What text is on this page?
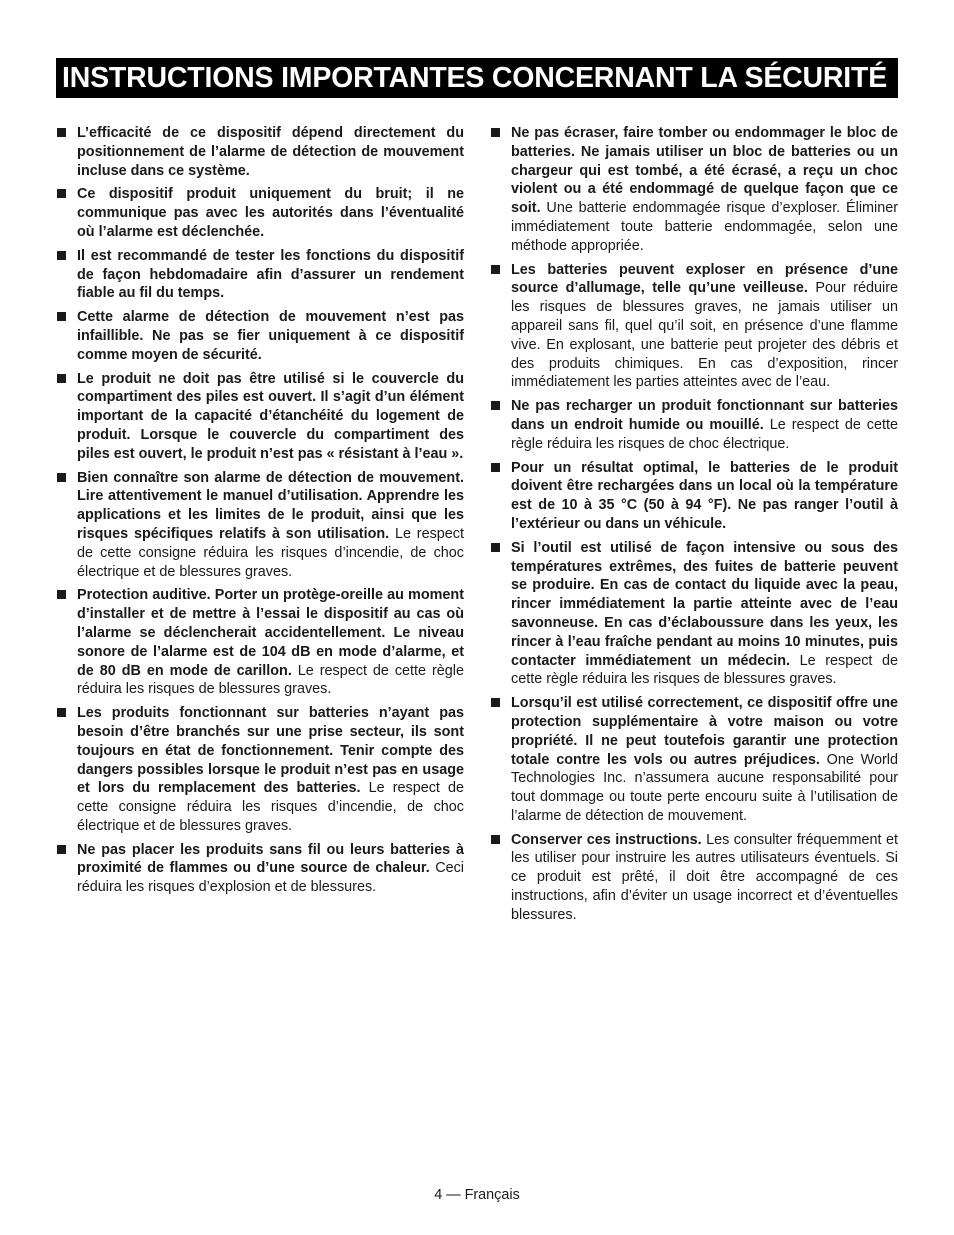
INSTRUCTIONS IMPORTANTES CONCERNANT LA SÉCURITÉ
L’efficacité de ce dispositif dépend directement du positionnement de l’alarme de détection de mouvement incluse dans ce système.
Ce dispositif produit uniquement du bruit; il ne communique pas avec les autorités dans l’éventualité où l’alarme est déclenchée.
Il est recommandé de tester les fonctions du dispositif de façon hebdomadaire afin d’assurer un rendement fiable au fil du temps.
Cette alarme de détection de mouvement n’est pas infaillible. Ne pas se fier uniquement à ce dispositif comme moyen de sécurité.
Le produit ne doit pas être utilisé si le couvercle du compartiment des piles est ouvert. Il s’agit d’un élément important de la capacité d’étanchéité du logement de produit. Lorsque le couvercle du compartiment des piles est ouvert, le produit n’est pas « résistant à l’eau ».
Bien connaître son alarme de détection de mouvement. Lire attentivement le manuel d’utilisation. Apprendre les applications et les limites de le produit, ainsi que les risques spécifiques relatifs à son utilisation. Le respect de cette consigne réduira les risques d’incendie, de choc électrique et de blessures graves.
Protection auditive. Porter un protège-oreille au moment d’installer et de mettre à l’essai le dispositif au cas où l’alarme se déclencherait accidentellement. Le niveau sonore de l’alarme est de 104 dB en mode d’alarme, et de 80 dB en mode de carillon. Le respect de cette règle réduira les risques de blessures graves.
Les produits fonctionnant sur batteries n’ayant pas besoin d’être branchés sur une prise secteur, ils sont toujours en état de fonctionnement. Tenir compte des dangers possibles lorsque le produit n’est pas en usage et lors du remplacement des batteries. Le respect de cette consigne réduira les risques d’incendie, de choc électrique et de blessures graves.
Ne pas placer les produits sans fil ou leurs batteries à proximité de flammes ou d’une source de chaleur. Ceci réduira les risques d’explosion et de blessures.
Ne pas écraser, faire tomber ou endommager le bloc de batteries. Ne jamais utiliser un bloc de batteries ou un chargeur qui est tombé, a été écrasé, a reçu un choc violent ou a été endommagé de quelque façon que ce soit. Une batterie endommagée risque d’exploser. Éliminer immédiatement toute batterie endommagée, selon une méthode appropriée.
Les batteries peuvent exploser en présence d’une source d’allumage, telle qu’une veilleuse. Pour réduire les risques de blessures graves, ne jamais utiliser un appareil sans fil, quel qu’il soit, en présence d’une flamme vive. En explosant, une batterie peut projeter des débris et des produits chimiques. En cas d’exposition, rincer immédiatement les parties atteintes avec de l’eau.
Ne pas recharger un produit fonctionnant sur batteries dans un endroit humide ou mouillé. Le respect de cette règle réduira les risques de choc électrique.
Pour un résultat optimal, le batteries de le produit doivent être rechargées dans un local où la température est de 10 à 35 °C (50 à 94 °F). Ne pas ranger l’outil à l’extérieur ou dans un véhicule.
Si l’outil est utilisé de façon intensive ou sous des températures extrêmes, des fuites de batterie peuvent se produire. En cas de contact du liquide avec la peau, rincer immédiatement la partie atteinte avec de l’eau savonneuse. En cas d’éclaboussure dans les yeux, les rincer à l’eau fraîche pendant au moins 10 minutes, puis contacter immédiatement un médecin. Le respect de cette règle réduira les risques de blessures graves.
Lorsqu’il est utilisé correctement, ce dispositif offre une protection supplémentaire à votre maison ou votre propriété. Il ne peut toutefois garantir une protection totale contre les vols ou autres préjudices. One World Technologies Inc. n’assumera aucune responsabilité pour tout dommage ou toute perte encouru suite à l’utilisation de l’alarme de détection de mouvement.
Conserver ces instructions. Les consulter fréquemment et les utiliser pour instruire les autres utilisateurs éventuels. Si ce produit est prêté, il doit être accompagné de ces instructions, afin d’éviter un usage incorrect et d’éventuelles blessures.
4 — Français
